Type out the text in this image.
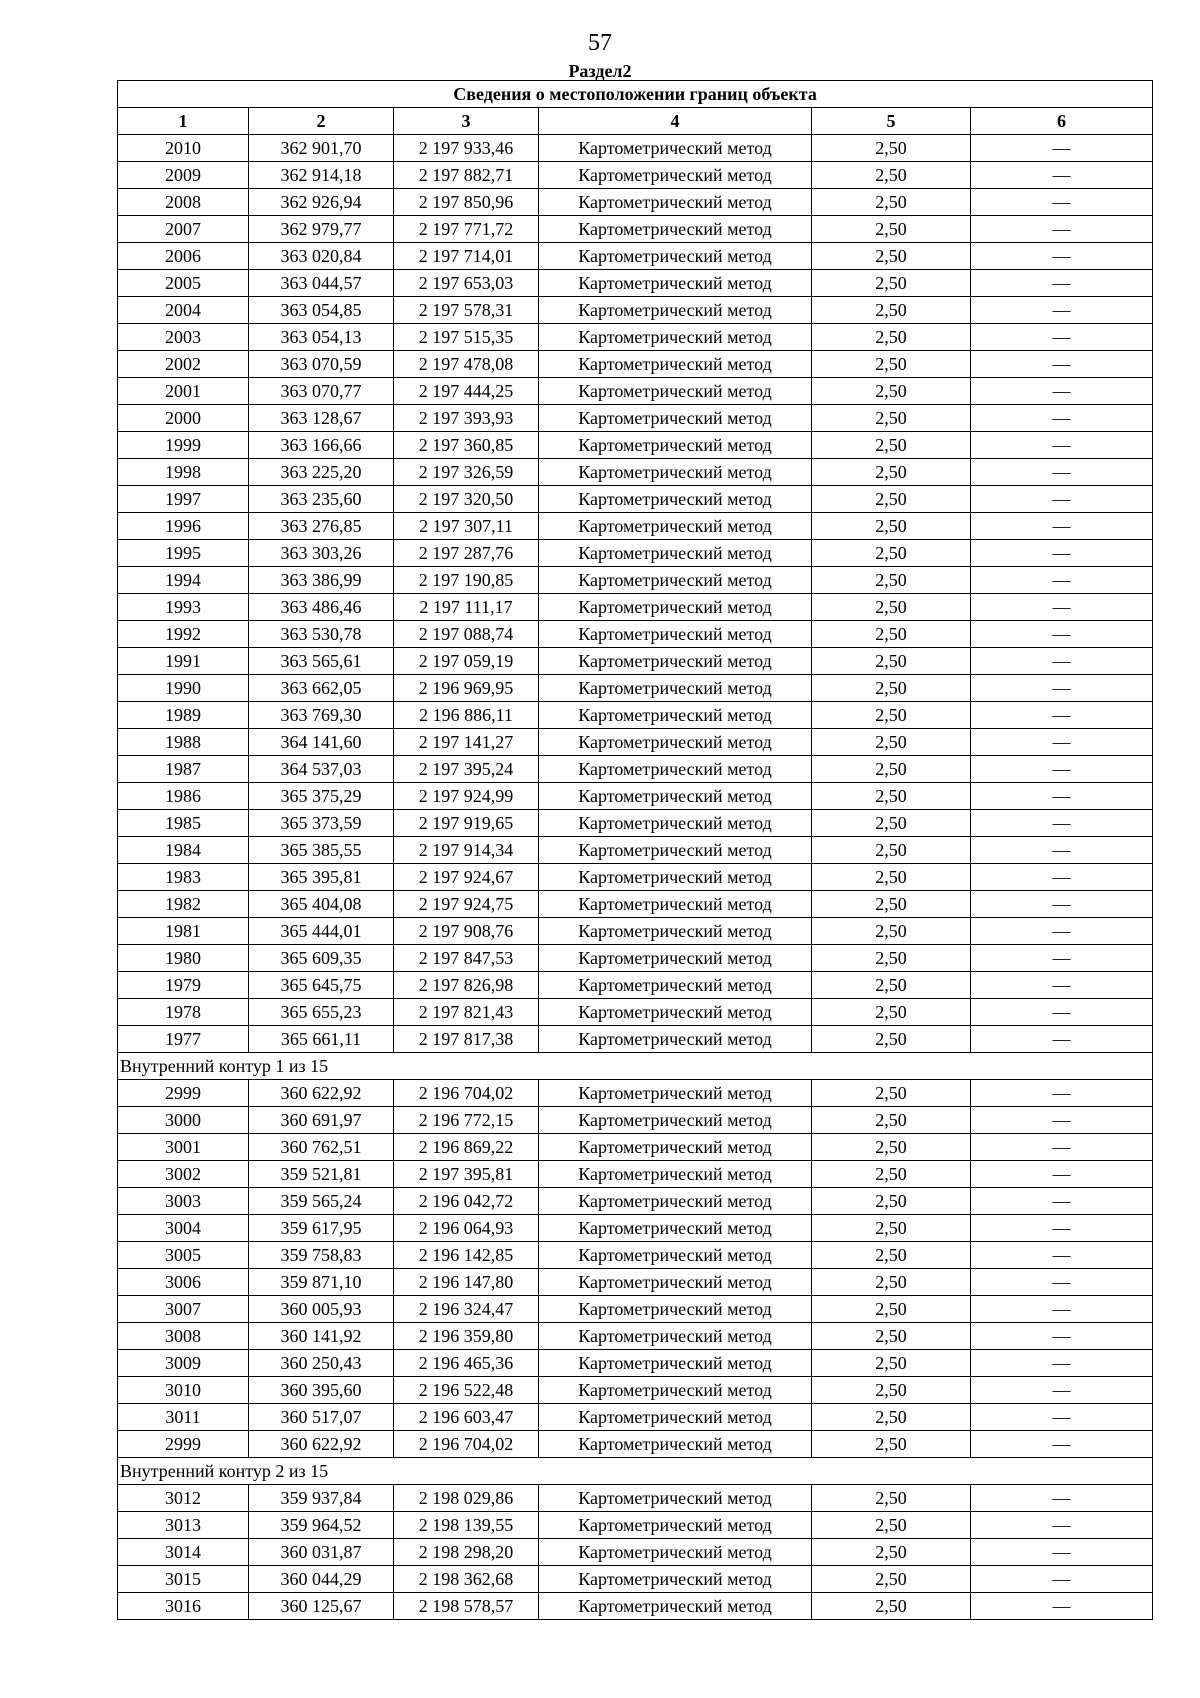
57
Раздел2
Сведения о местоположении границ объекта					
1	2	3	4	5	6
2010	362 901,70	2 197 933,46	Картометрический метод	2,50	—
2009	362 914,18	2 197 882,71	Картометрический метод	2,50	—
2008	362 926,94	2 197 850,96	Картометрический метод	2,50	—
2007	362 979,77	2 197 771,72	Картометрический метод	2,50	—
2006	363 020,84	2 197 714,01	Картометрический метод	2,50	—
2005	363 044,57	2 197 653,03	Картометрический метод	2,50	—
2004	363 054,85	2 197 578,31	Картометрический метод	2,50	—
2003	363 054,13	2 197 515,35	Картометрический метод	2,50	—
2002	363 070,59	2 197 478,08	Картометрический метод	2,50	—
2001	363 070,77	2 197 444,25	Картометрический метод	2,50	—
2000	363 128,67	2 197 393,93	Картометрический метод	2,50	—
1999	363 166,66	2 197 360,85	Картометрический метод	2,50	—
1998	363 225,20	2 197 326,59	Картометрический метод	2,50	—
1997	363 235,60	2 197 320,50	Картометрический метод	2,50	—
1996	363 276,85	2 197 307,11	Картометрический метод	2,50	—
1995	363 303,26	2 197 287,76	Картометрический метод	2,50	—
1994	363 386,99	2 197 190,85	Картометрический метод	2,50	—
1993	363 486,46	2 197 111,17	Картометрический метод	2,50	—
1992	363 530,78	2 197 088,74	Картометрический метод	2,50	—
1991	363 565,61	2 197 059,19	Картометрический метод	2,50	—
1990	363 662,05	2 196 969,95	Картометрический метод	2,50	—
1989	363 769,30	2 196 886,11	Картометрический метод	2,50	—
1988	364 141,60	2 197 141,27	Картометрический метод	2,50	—
1987	364 537,03	2 197 395,24	Картометрический метод	2,50	—
1986	365 375,29	2 197 924,99	Картометрический метод	2,50	—
1985	365 373,59	2 197 919,65	Картометрический метод	2,50	—
1984	365 385,55	2 197 914,34	Картометрический метод	2,50	—
1983	365 395,81	2 197 924,67	Картометрический метод	2,50	—
1982	365 404,08	2 197 924,75	Картометрический метод	2,50	—
1981	365 444,01	2 197 908,76	Картометрический метод	2,50	—
1980	365 609,35	2 197 847,53	Картометрический метод	2,50	—
1979	365 645,75	2 197 826,98	Картометрический метод	2,50	—
1978	365 655,23	2 197 821,43	Картометрический метод	2,50	—
1977	365 661,11	2 197 817,38	Картометрический метод	2,50	—
Внутренний контур 1 из 15					
2999	360 622,92	2 196 704,02	Картометрический метод	2,50	—
3000	360 691,97	2 196 772,15	Картометрический метод	2,50	—
3001	360 762,51	2 196 869,22	Картометрический метод	2,50	—
3002	359 521,81	2 197 395,81	Картометрический метод	2,50	—
3003	359 565,24	2 196 042,72	Картометрический метод	2,50	—
3004	359 617,95	2 196 064,93	Картометрический метод	2,50	—
3005	359 758,83	2 196 142,85	Картометрический метод	2,50	—
3006	359 871,10	2 196 147,80	Картометрический метод	2,50	—
3007	360 005,93	2 196 324,47	Картометрический метод	2,50	—
3008	360 141,92	2 196 359,80	Картометрический метод	2,50	—
3009	360 250,43	2 196 465,36	Картометрический метод	2,50	—
3010	360 395,60	2 196 522,48	Картометрический метод	2,50	—
3011	360 517,07	2 196 603,47	Картометрический метод	2,50	—
2999	360 622,92	2 196 704,02	Картометрический метод	2,50	—
Внутренний контур 2 из 15					
3012	359 937,84	2 198 029,86	Картометрический метод	2,50	—
3013	359 964,52	2 198 139,55	Картометрический метод	2,50	—
3014	360 031,87	2 198 298,20	Картометрический метод	2,50	—
3015	360 044,29	2 198 362,68	Картометрический метод	2,50	—
3016	360 125,67	2 198 578,57	Картометрический метод	2,50	—
